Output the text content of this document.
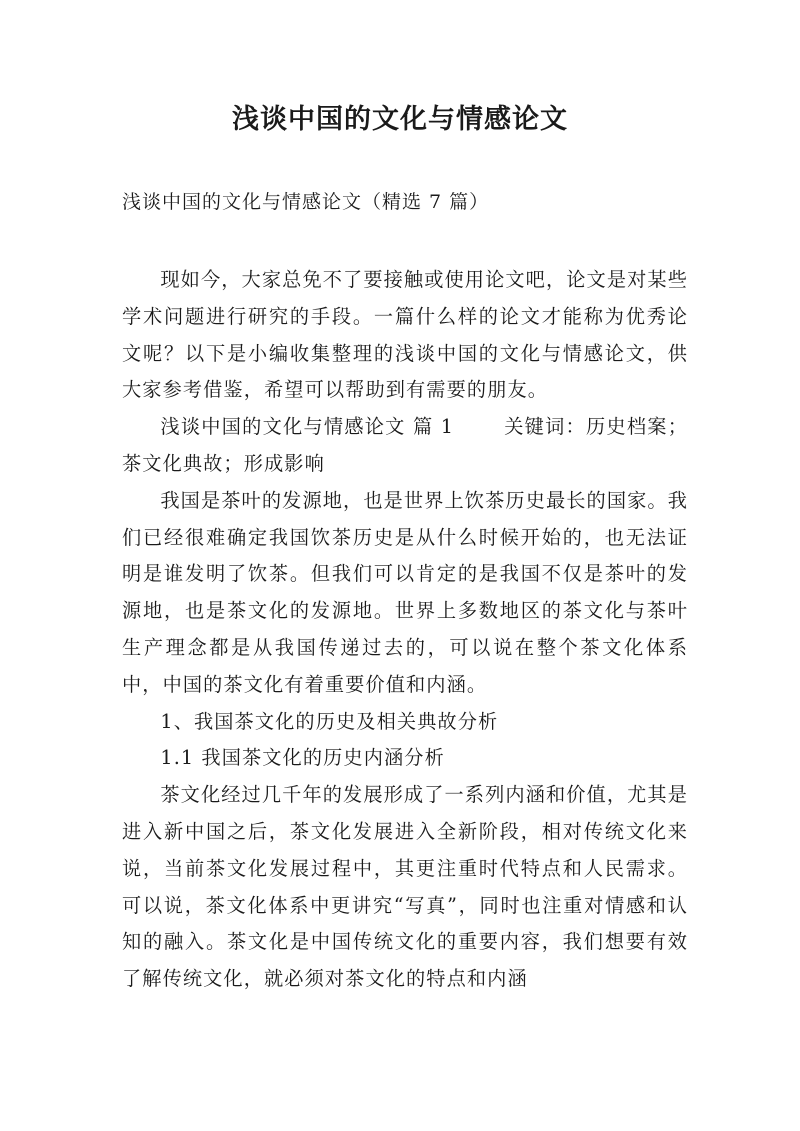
浅谈中国的文化与情感论文
浅谈中国的文化与情感论文（精选 7 篇）

现如今，大家总免不了要接触或使用论文吧，论文是对某些学术问题进行研究的手段。一篇什么样的论文才能称为优秀论文呢？以下是小编收集整理的浅谈中国的文化与情感论文，供大家参考借鉴，希望可以帮助到有需要的朋友。

浅谈中国的文化与情感论文 篇 1	关键词：历史档案；茶文化典故；形成影响

我国是茶叶的发源地，也是世界上饮茶历史最长的国家。我们已经很难确定我国饮茶历史是从什么时候开始的，也无法证明是谁发明了饮茶。但我们可以肯定的是我国不仅是茶叶的发源地，也是茶文化的发源地。世界上多数地区的茶文化与茶叶生产理念都是从我国传递过去的，可以说在整个茶文化体系中，中国的茶文化有着重要价值和内涵。

1、我国茶文化的历史及相关典故分析

1.1 我国茶文化的历史内涵分析

茶文化经过几千年的发展形成了一系列内涵和价值，尤其是进入新中国之后，茶文化发展进入全新阶段，相对传统文化来说，当前茶文化发展过程中，其更注重时代特点和人民需求。可以说，茶文化体系中更讲究“写真”，同时也注重对情感和认知的融入。茶文化是中国传统文化的重要内容，我们想要有效了解传统文化，就必须对茶文化的特点和内涵
